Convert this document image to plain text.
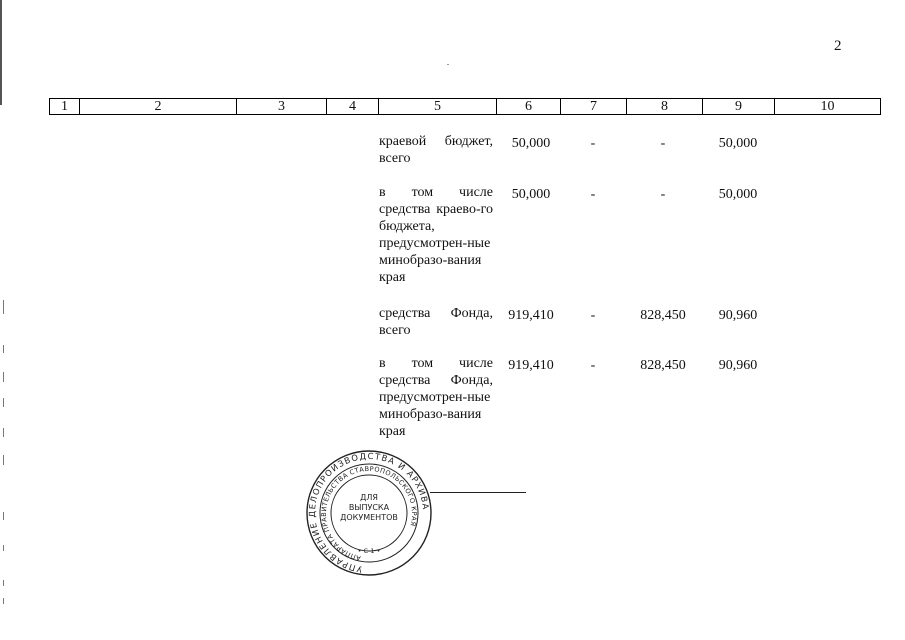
2
1	2	3	4	5	6	7	8	9	10
краевой бюджет, всего
50,000	-	-	50,000
в том числе средства краево-го бюджета, предусмотрен-ные минобразо-вания края
50,000	-	-	50,000
средства Фонда, всего
919,410	-	828,450	90,960
в том числе средства Фонда, предусмотрен-ные минобразо-вания края
919,410	-	828,450	90,960
УПРАВЛЕНИЕ ДЕЛОПРОИЗВОДСТВА И АРХИВА
АППАРАТА ПРАВИТЕЛЬСТВА СТАВРОПОЛЬСКОГО КРАЯ
ДЛЯ
ВЫПУСКА
ДОКУМЕНТОВ
• С-1 •
